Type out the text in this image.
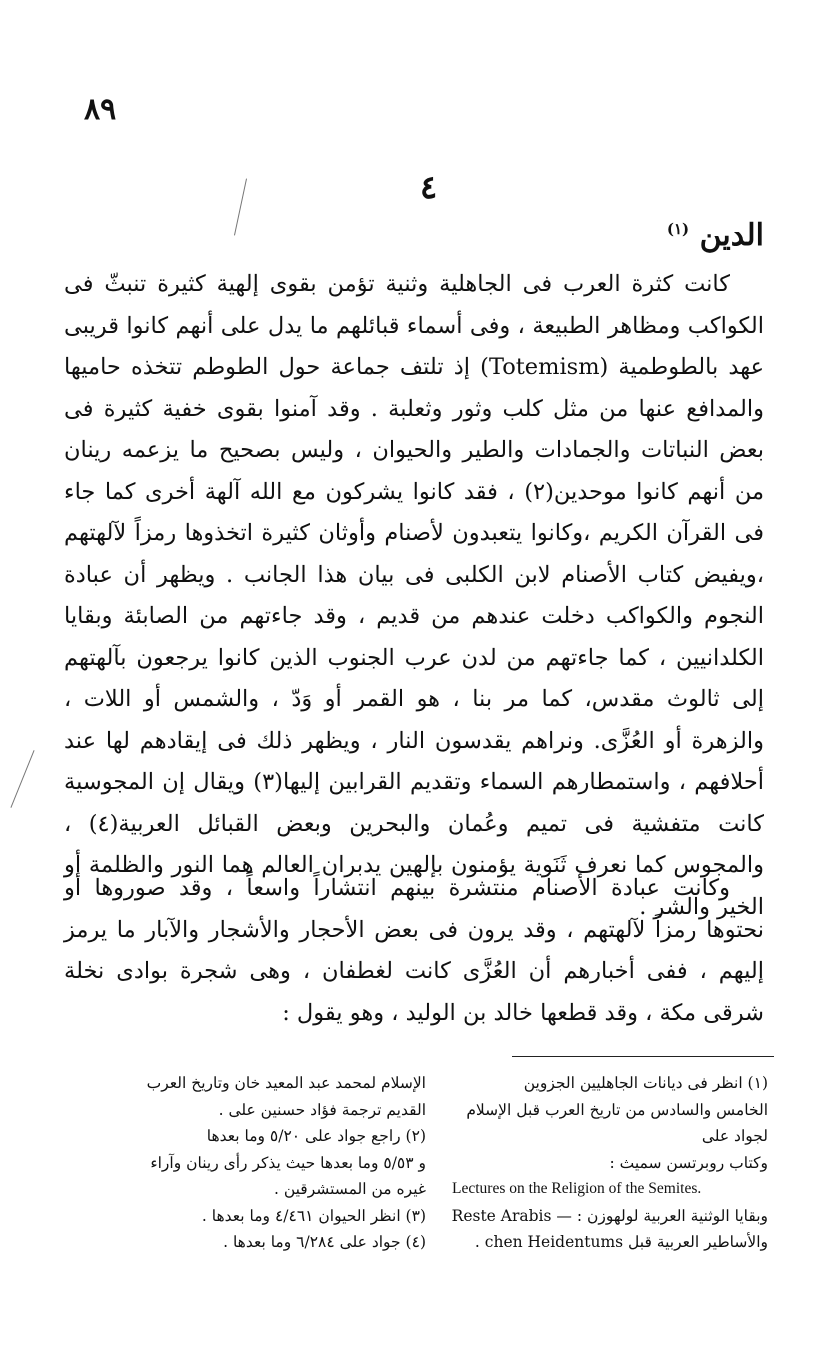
٨٩
٤
الدين $^{(١)}$

كانت كثرة العرب فى الجاهلية وثنية تؤمن بقوى إلهية كثيرة تنبثّ فى الكواكب ومظاهر الطبيعة ، وفى أسماء قبائلهم ما يدل على أنهم كانوا قريبى عهد بالطوطمية (Totemism) إذ تلتف جماعة حول الطوطم تتخذه حاميها والمدافع عنها من مثل كلب وثور وثعلبة . وقد آمنوا بقوى خفية كثيرة فى بعض النباتات والجمادات والطير والحيوان ، وليس بصحيح ما يزعمه رينان من أنهم كانوا موحدين(٢) ، فقد كانوا يشركون مع الله آلهة أخرى كما جاء فى القرآن الكريم ،وكانوا يتعبدون لأصنام وأوثان كثيرة اتخذوها رمزاً لآلهتهم ،ويفيض كتاب الأصنام لابن الكلبى فى بيان هذا الجانب . ويظهر أن عبادة النجوم والكواكب دخلت عندهم من قديم ، وقد جاءتهم من الصابئة وبقايا الكلدانيين ، كما جاءتهم من لدن عرب الجنوب الذين كانوا يرجعون بآلهتهم إلى ثالوث مقدس، كما مر بنا ، هو القمر أو وَدّ ، والشمس أو اللات ، والزهرة أو العُزَّى. ونراهم يقدسون النار ، ويظهر ذلك فى إيقادهم لها عند أحلافهم ، واستمطارهم السماء وتقديم القرابين إليها(٣) ويقال إن المجوسية كانت متفشية فى تميم وعُمان والبحرين وبعض القبائل العربية(٤) ، والمجوس كما نعرف ثَنَوية يؤمنون بإلهين يدبران العالم هما النور والظلمة أو الخير والشر .

وكانت عبادة الأصنام منتشرة بينهم انتشاراً واسعاً ، وقد صوروها أو نحتوها رمزاً لآلهتهم ، وقد يرون فى بعض الأحجار والأشجار والآبار ما يرمز إليهم ، ففى أخبارهم أن العُزَّى كانت لغطفان ، وهى شجرة بوادى نخلة شرقى مكة ، وقد قطعها خالد بن الوليد ، وهو يقول :

(١) انظر فى ديانات الجاهليين الجزوين
الخامس والسادس من تاريخ العرب قبل الإسلام
لجواد على
وكتاب روبرتسن سميث :
Lectures on the Religion of the Semites.
وبقايا الوثنية العربية لولهوزن : — Reste Arabis
والأساطير العربية قبل chen Heidentums .
الإسلام لمحمد عبد المعيد خان وتاريخ العرب
القديم ترجمة فؤاد حسنين على .
(٢) راجع جواد على ٥/٢٠ وما بعدها
و ٥/٥٣ وما بعدها حيث يذكر رأى رينان وآراء
غيره من المستشرقين .
(٣) انظر الحيوان ٤/٤٦١ وما بعدها .
(٤) جواد على ٦/٢٨٤ وما بعدها .
